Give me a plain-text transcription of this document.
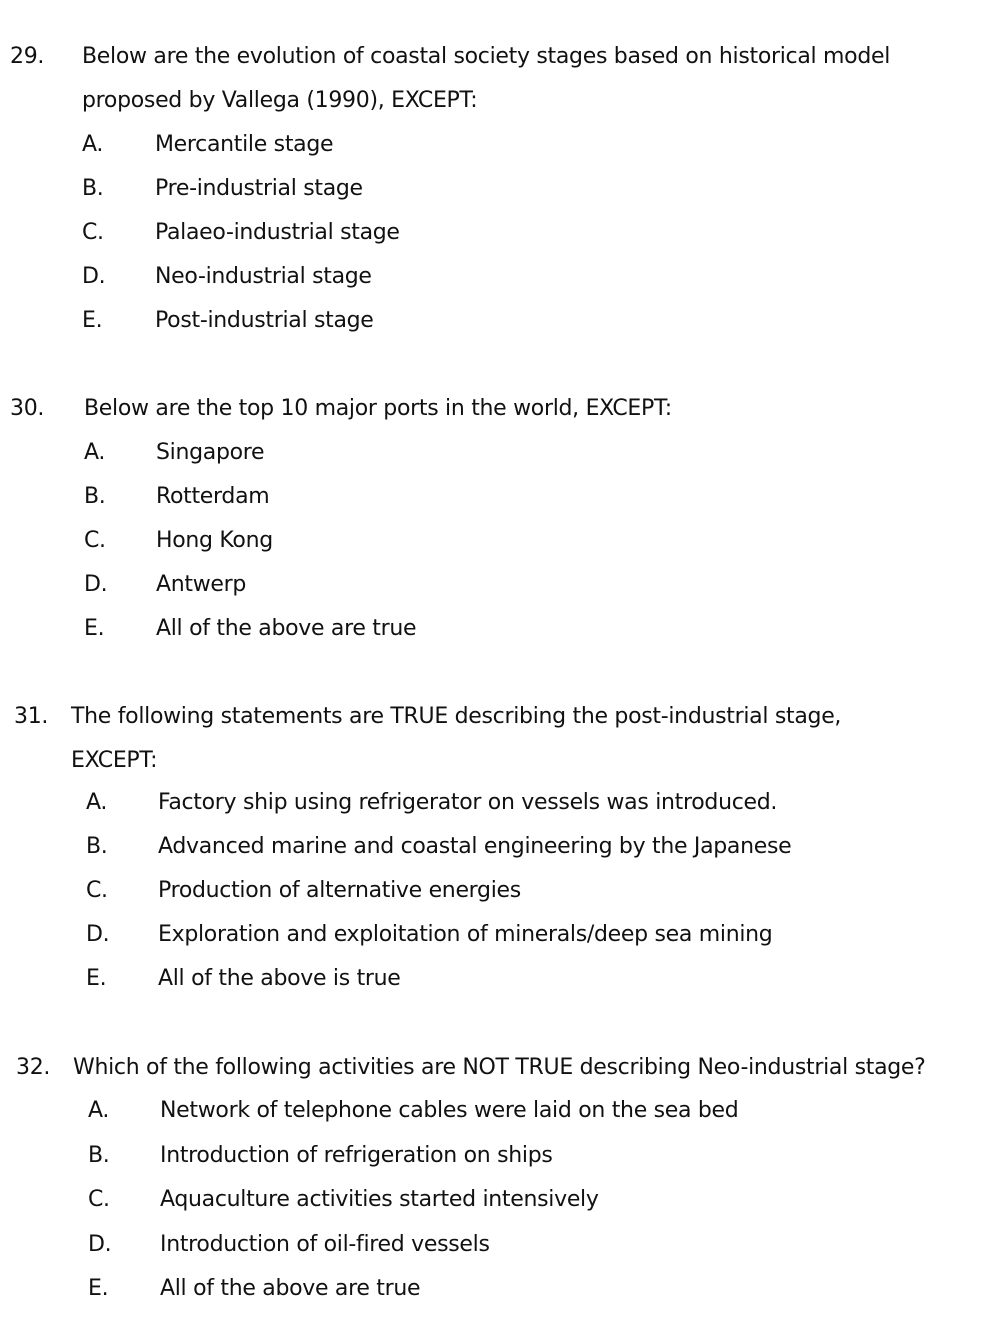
29. Below are the evolution of coastal society stages based on historical model
proposed by Vallega (1990), EXCEPT:
A. Mercantile stage
B. Pre-industrial stage
C. Palaeo-industrial stage
D. Neo-industrial stage
E. Post-industrial stage
30. Below are the top 10 major ports in the world, EXCEPT:
A. Singapore
B. Rotterdam
C. Hong Kong
D. Antwerp
E. All of the above are true
31. The following statements are TRUE describing the post-industrial stage,
EXCEPT:
A. Factory ship using refrigerator on vessels was introduced.
B. Advanced marine and coastal engineering by the Japanese
C. Production of alternative energies
D. Exploration and exploitation of minerals/deep sea mining
E. All of the above is true
32. Which of the following activities are NOT TRUE describing Neo-industrial stage?
A. Network of telephone cables were laid on the sea bed
B. Introduction of refrigeration on ships
C. Aquaculture activities started intensively
D. Introduction of oil-fired vessels
E. All of the above are true
